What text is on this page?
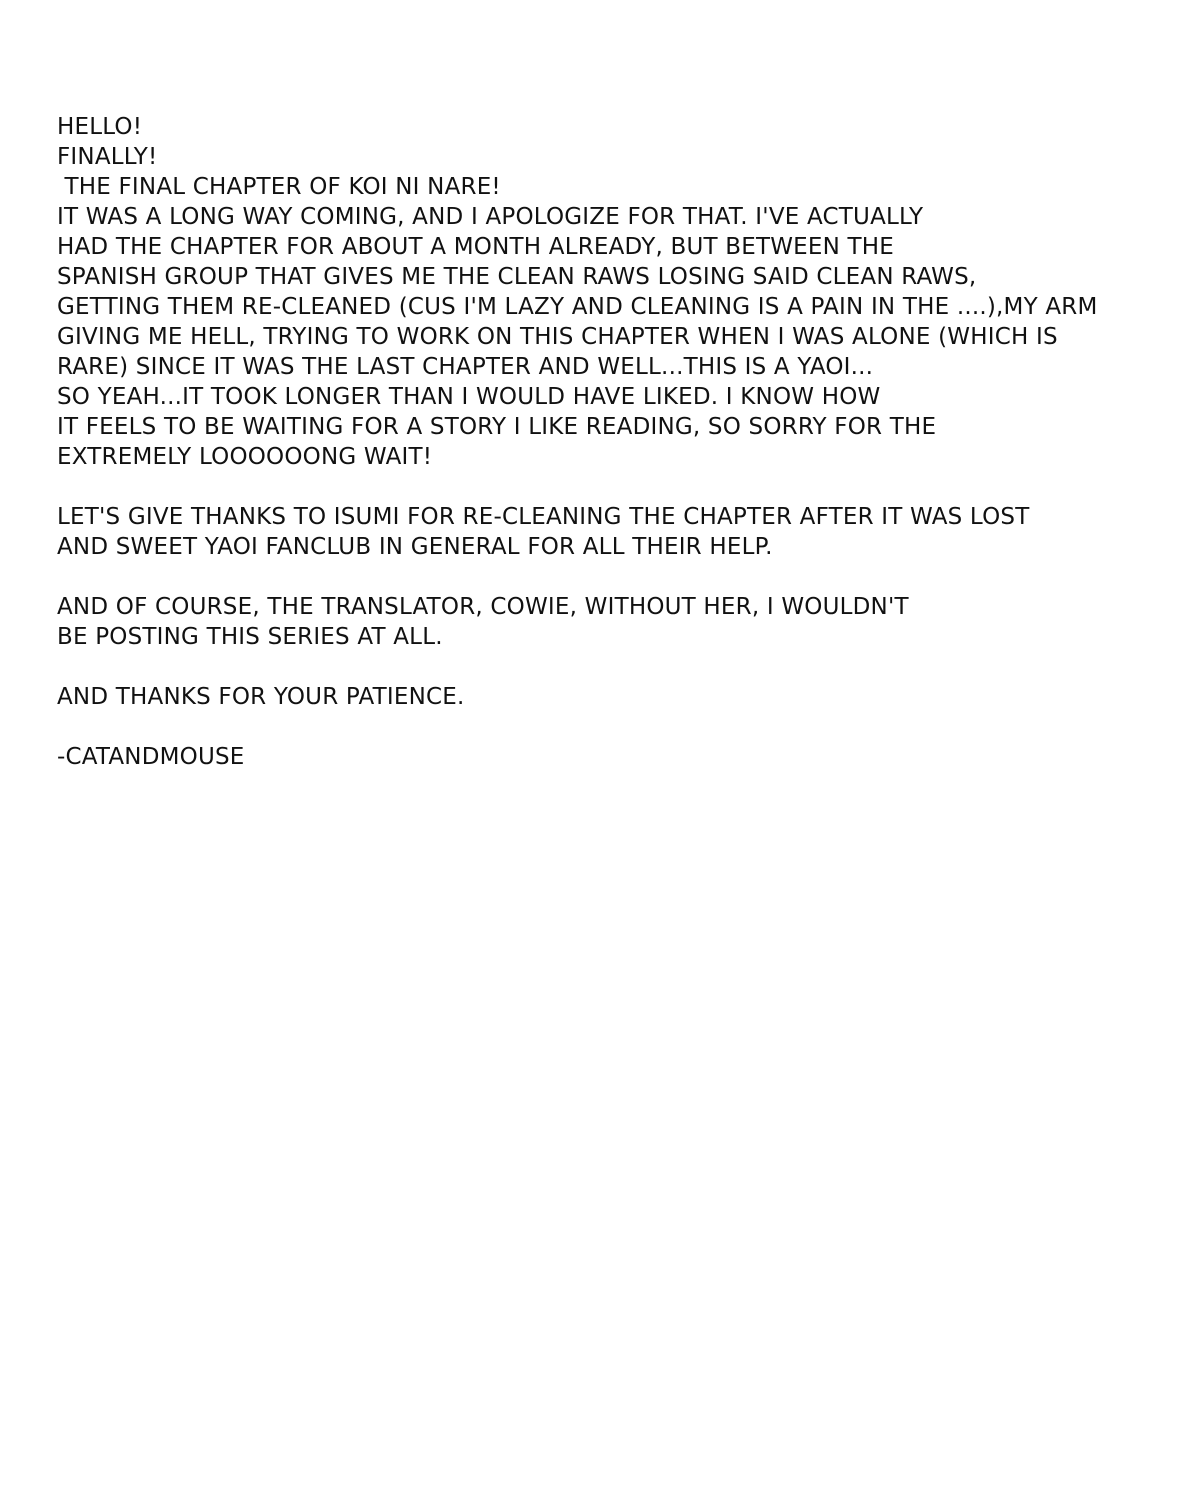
HELLO!
FINALLY!
THE FINAL CHAPTER OF KOI NI NARE!
IT WAS A LONG WAY COMING, AND I APOLOGIZE FOR THAT. I'VE ACTUALLY
HAD THE CHAPTER FOR ABOUT A MONTH ALREADY, BUT BETWEEN THE
SPANISH GROUP THAT GIVES ME THE CLEAN RAWS LOSING SAID CLEAN RAWS,
GETTING THEM RE-CLEANED (CUS I'M LAZY AND CLEANING IS A PAIN IN THE ....),MY ARM
GIVING ME HELL, TRYING TO WORK ON THIS CHAPTER WHEN I WAS ALONE (WHICH IS
RARE) SINCE IT WAS THE LAST CHAPTER AND WELL...THIS IS A YAOI...
SO YEAH...IT TOOK LONGER THAN I WOULD HAVE LIKED. I KNOW HOW
IT FEELS TO BE WAITING FOR A STORY I LIKE READING, SO SORRY FOR THE
EXTREMELY LOOOOOONG WAIT!
LET'S GIVE THANKS TO ISUMI FOR RE-CLEANING THE CHAPTER AFTER IT WAS LOST
AND SWEET YAOI FANCLUB IN GENERAL FOR ALL THEIR HELP.
AND OF COURSE, THE TRANSLATOR, COWIE, WITHOUT HER, I WOULDN'T
BE POSTING THIS SERIES AT ALL.
AND THANKS FOR YOUR PATIENCE.
-CATANDMOUSE
